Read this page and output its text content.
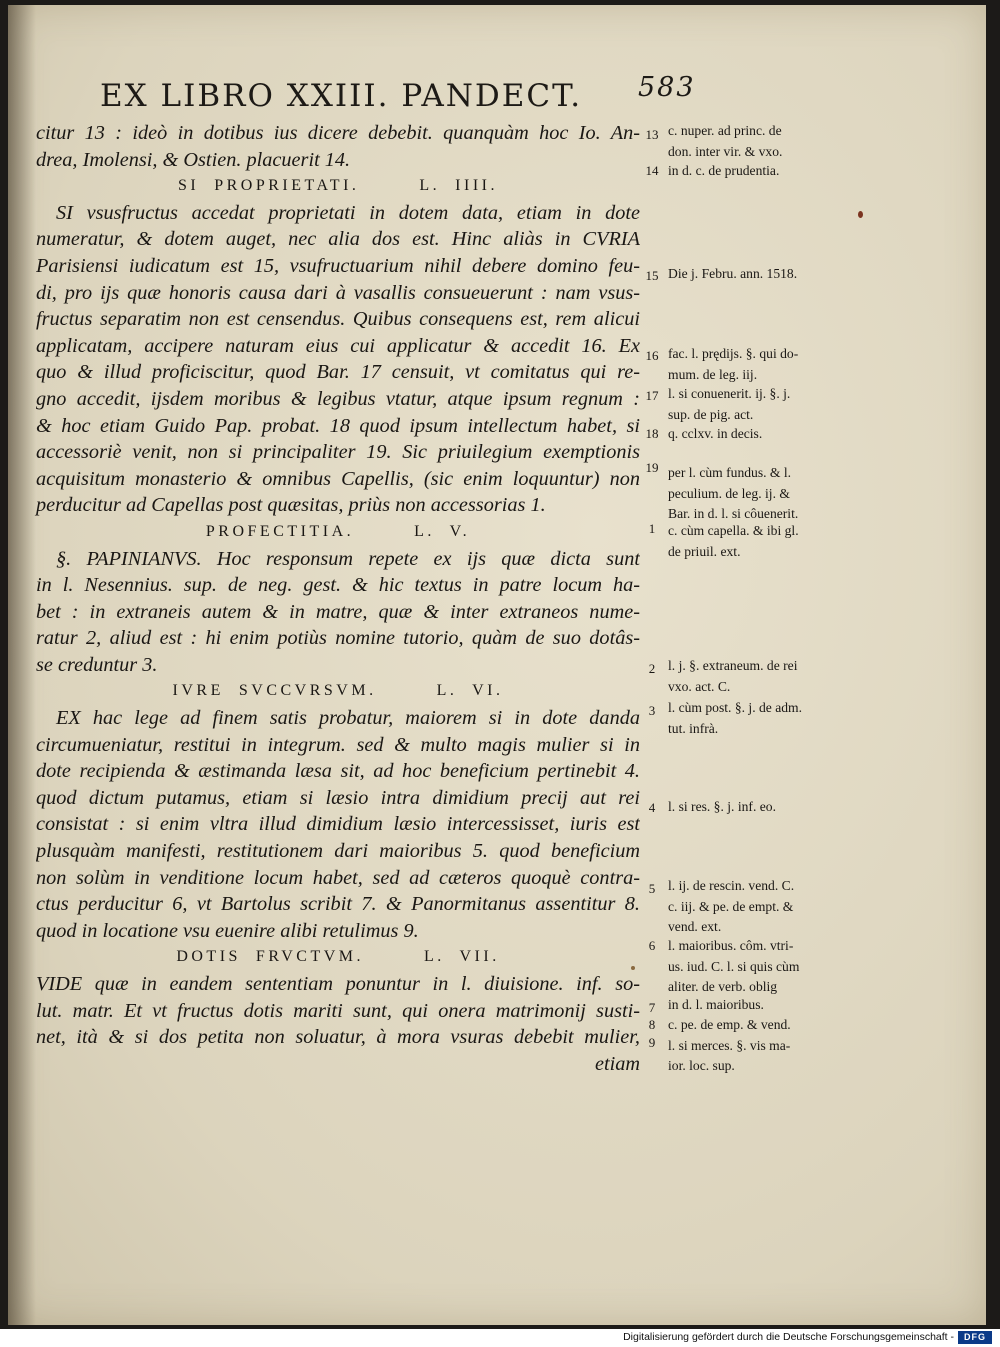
EX LIBRO XXIII. PANDECT. 583
citur 13 : ideò in dotibus ius dicere debebit. quanquàm hoc Io. An-
drea, Imolensi, & Ostien. placuerit 14.
SI  PROPRIETATI.        L.  IIII.
SI vsusfructus accedat proprietati in dotem data, etiam in dote
numeratur, & dotem auget, nec alia dos est. Hinc aliàs in CVRIA
Parisiensi iudicatum est 15, vsufructuarium nihil debere domino feu-
di, pro ijs quæ honoris causa dari à vasallis consueuerunt : nam vsus-
fructus separatim non est censendus. Quibus consequens est, rem alicui
applicatam, accipere naturam eius cui applicatur & accedit 16. Ex
quo & illud proficiscitur, quod Bar. 17 censuit, vt comitatus qui re-
gno accedit, ijsdem moribus & legibus vtatur, atque ipsum regnum :
& hoc etiam Guido Pap. probat. 18 quod ipsum intellectum habet, si
accessoriè venit, non si principaliter 19. Sic priuilegium exemptionis
acquisitum monasterio & omnibus Capellis, (sic enim loquuntur) non
perducitur ad Capellas post quæsitas, priùs non accessorias 1.
PROFECTITIA.        L.  V.
§. PAPINIANVS. Hoc responsum repete ex ijs quæ dicta sunt
in l. Nesennius. sup. de neg. gest. & hic textus in patre locum ha-
bet : in extraneis autem & in matre, quæ & inter extraneos nume-
ratur 2, aliud est : hi enim potiùs nomine tutorio, quàm de suo dotâs-
se creduntur 3.
IVRE  SVCCVRSVM.        L.  VI.
EX hac lege ad finem satis probatur, maiorem si in dote danda
circumueniatur, restitui in integrum. sed & multo magis mulier si in
dote recipienda & æstimanda læsa sit, ad hoc beneficium pertinebit 4.
quod dictum putamus, etiam si læsio intra dimidium precij aut rei
consistat : si enim vltra illud dimidium læsio intercessisset, iuris est
plusquàm manifesti, restitutionem dari maioribus 5. quod beneficium
non solùm in venditione locum habet, sed ad cæteros quoquè contra-
ctus perducitur 6, vt Bartolus scribit 7. & Panormitanus assentitur 8.
quod in locatione vsu euenire alibi retulimus 9.
DOTIS  FRVCTVM.        L.  VII.
VIDE quæ in eandem sententiam ponuntur in l. diuisione. inf. so-
lut. matr. Et vt fructus dotis mariti sunt, qui onera matrimonij susti-
net, ità & si dos petita non soluatur, à mora vsuras debebit mulier,
etiam
13
14
15
16
17
18
19
1
2
3
4
5
6
7
8
9
c. nuper. ad princ. de
don. inter vir. & vxo.
in d. c. de prudentia.
Die j. Febru. ann. 1518.
fac. l. prędijs. §. qui do-
mum. de leg. iij.
l. si conuenerit. ij. §. j.
sup. de pig. act.
q. cclxv. in decis.
per l. cùm fundus. & l.
peculium. de leg. ij. &
Bar. in d. l. si côuenerit.
c. cùm capella. & ibi gl.
de priuil. ext.
l. j. §. extraneum. de rei
vxo. act. C.
l. cùm post. §. j. de adm.
tut. infrà.
l. si res. §. j. inf. eo.
l. ij. de rescin. vend. C.
c. iij. & pe. de empt. &
vend. ext.
l. maioribus. côm. vtri-
us. iud. C. l. si quis cùm
aliter. de verb. oblig
in d. l. maioribus.
c. pe. de emp. & vend.
l. si merces. §. vis ma-
ior. loc. sup.
Digitalisierung gefördert durch die Deutsche Forschungsgemeinschaft -	DFG
